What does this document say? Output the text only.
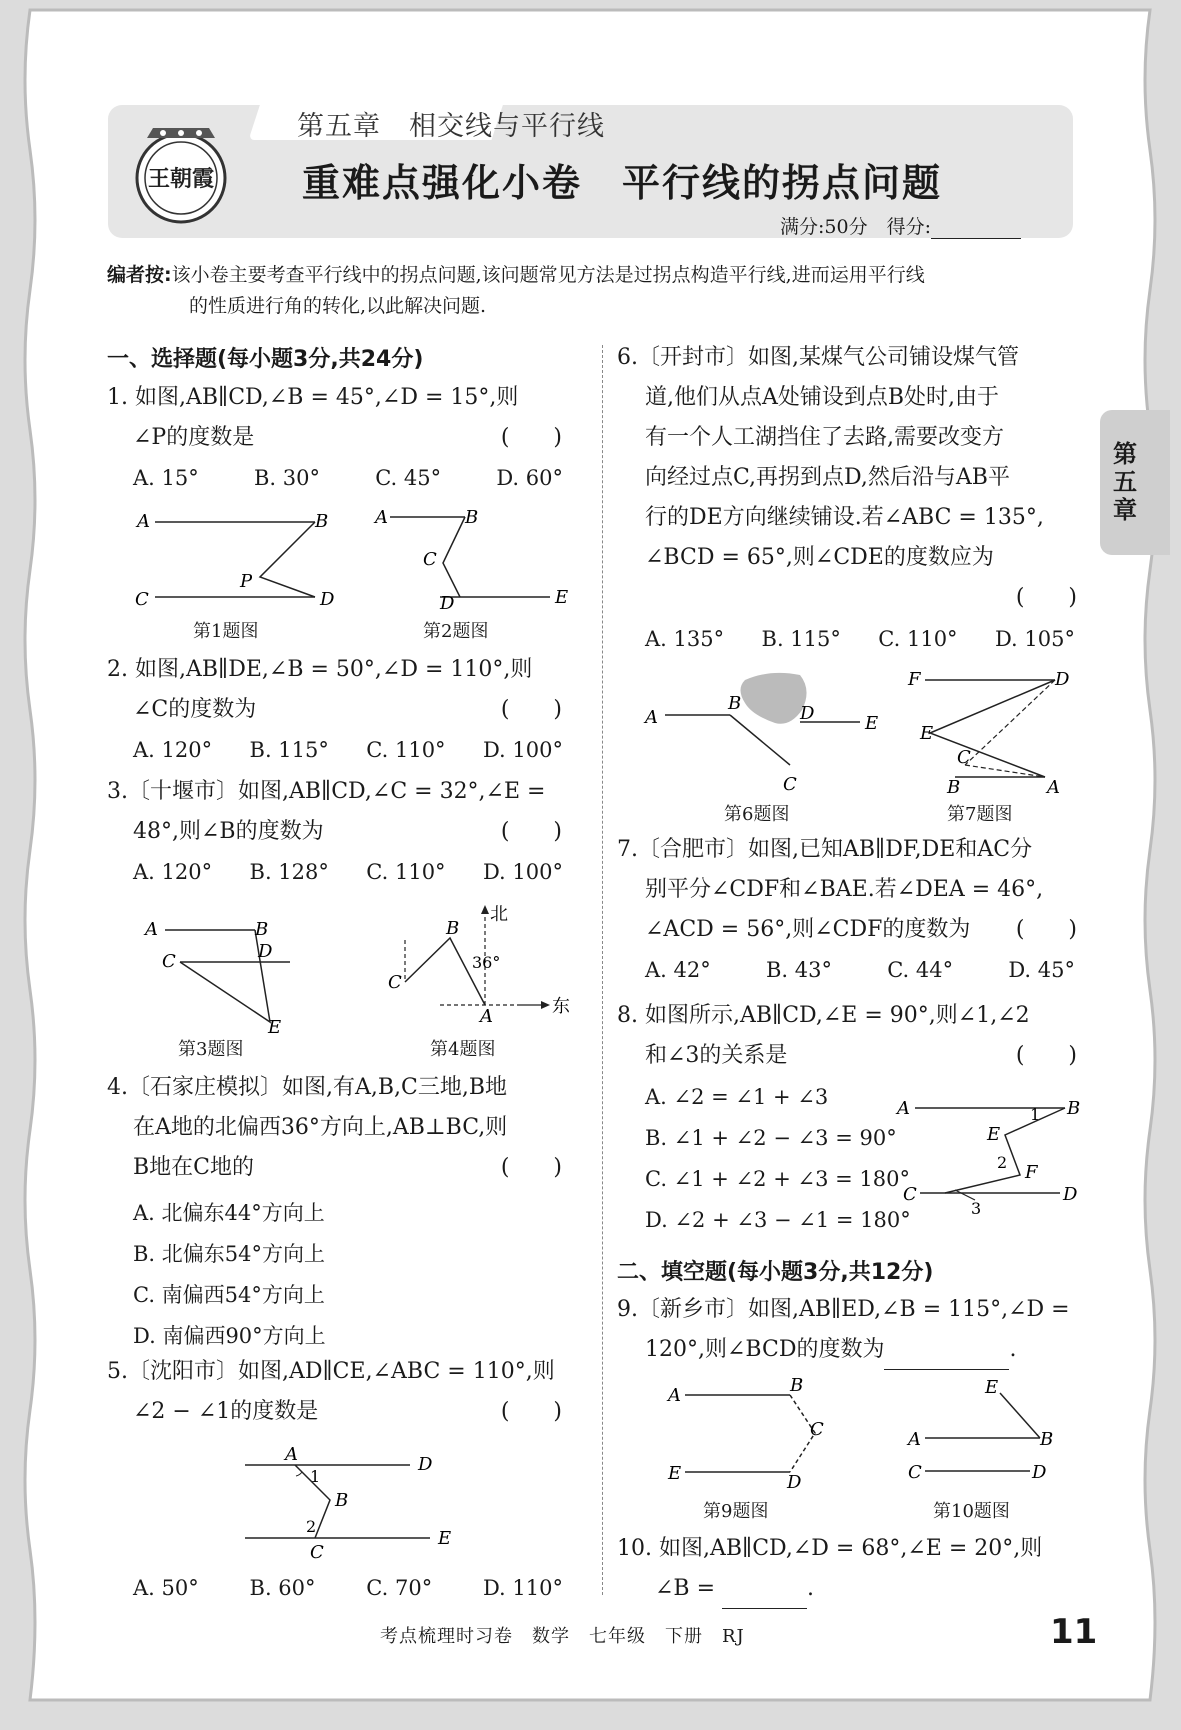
第五章　相交线与平行线
王朝霞 重难点强化小卷　平行线的拐点问题
满分:50分　得分:
编者按:该小卷主要考查平行线中的拐点问题,该问题常见方法是过拐点构造平行线,进而运用平行线
的性质进行角的转化,以此解决问题.
第五章
一、选择题(每小题3分,共24分)
1. 如图,AB∥CD,∠B = 45°,∠D = 15°,则
∠P的度数是	(　　)
A. 15°	B. 30°	C. 45°	D. 60°
A	B
C	D
P
第1题图
A	B
C
D	E
第2题图
2. 如图,AB∥DE,∠B = 50°,∠D = 110°,则
∠C的度数为	(　　)
A. 120° B. 115° C. 110° D. 100°
3.〔十堰市〕如图,AB∥CD,∠C = 32°,∠E =
48°,则∠B的度数为	(　　)
A. 120° B. 128° C. 110° D. 100°
A	B
C	D
E
第3题图
北
东
36°
B
C
A
第4题图
4.〔石家庄模拟〕如图,有A,B,C三地,B地
在A地的北偏西36°方向上,AB⊥BC,则
B地在C地的	(　　)
A. 北偏东44°方向上
B. 北偏东54°方向上
C. 南偏西54°方向上
D. 南偏西90°方向上
5.〔沈阳市〕如图,AD∥CE,∠ABC = 110°,则
∠2 − ∠1的度数是	(　　)
A	D
B
C
E
1
2
A. 50° B. 60° C. 70° D. 110°
6.〔开封市〕如图,某煤气公司铺设煤气管
道,他们从点A处铺设到点B处时,由于
有一个人工湖挡住了去路,需要改变方
向经过点C,再拐到点D,然后沿与AB平
行的DE方向继续铺设.若∠ABC = 135°,
∠BCD = 65°,则∠CDE的度数应为
(　　)
A. 135° B. 115° C. 110° D. 105°
A
B
C
D	E
第6题图
F	D
E
C
B	A
第7题图
7.〔合肥市〕如图,已知AB∥DF,DE和AC分
别平分∠CDF和∠BAE.若∠DEA = 46°,
∠ACD = 56°,则∠CDF的度数为 (　　)
A. 42°	B. 43°	C. 44°	D. 45°
8. 如图所示,AB∥CD,∠E = 90°,则∠1,∠2
和∠3的关系是	(　　)
A. ∠2 = ∠1 + ∠3
B. ∠1 + ∠2 − ∠3 = 90°
C. ∠1 + ∠2 + ∠3 = 180°
D. ∠2 + ∠3 − ∠1 = 180°
A	B
E
F
C	D
1
2
3
二、填空题(每小题3分,共12分)
9.〔新乡市〕如图,AB∥ED,∠B = 115°,∠D =
120°,则∠BCD的度数为	.
A	B
C
E	D
第9题图
A	B
C	D
E
第10题图
10. 如图,AB∥CD,∠D = 68°,∠E = 20°,则
∠B =	.
考点梳理时习卷　数学　七年级　下册　RJ	11
